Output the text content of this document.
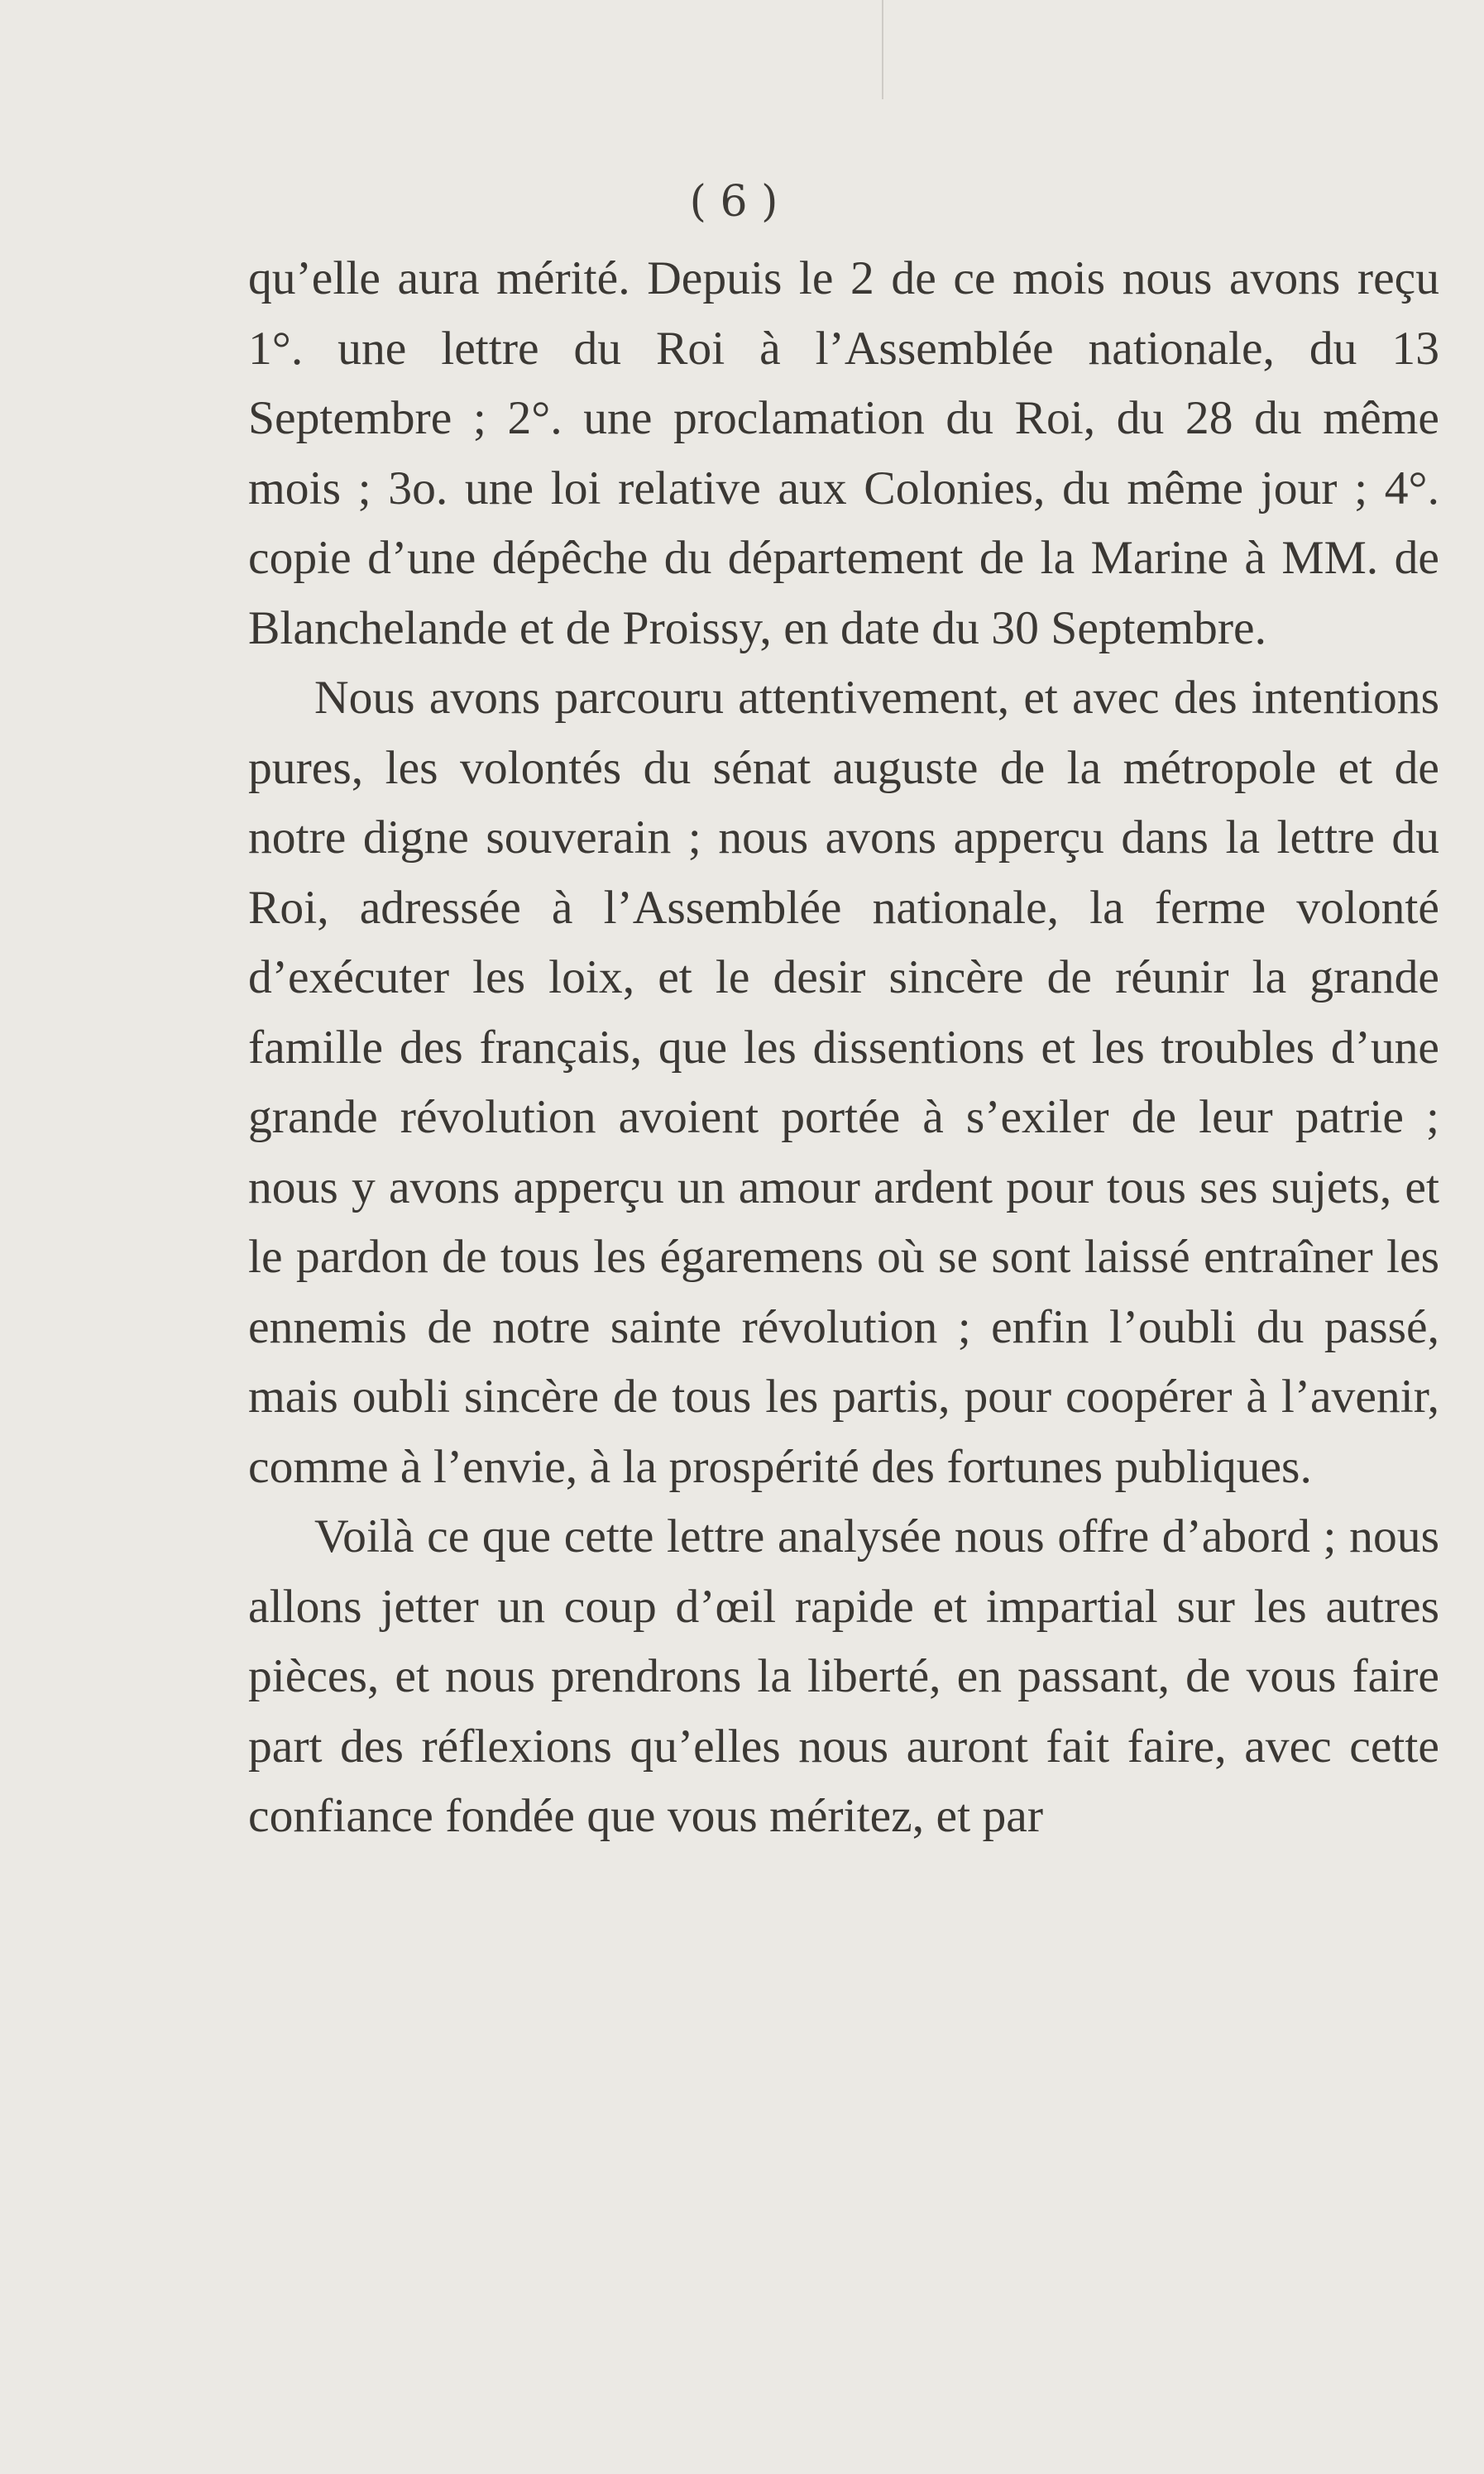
( 6 )

qu’elle aura mérité. Depuis le 2 de ce mois nous avons reçu 1°. une lettre du Roi à l’Assemblée nationale, du 13 Septembre ; 2°. une proclamation du Roi, du 28 du même mois ; 3o. une loi relative aux Colonies, du même jour ; 4°. copie d’une dépêche du département de la Marine à MM. de Blanchelande et de Proissy, en date du 30 Septembre.

Nous avons parcouru attentivement, et avec des intentions pures, les volontés du sénat auguste de la métropole et de notre digne souverain ; nous avons apperçu dans la lettre du Roi, adressée à l’Assemblée nationale, la ferme volonté d’exécuter les loix, et le desir sincère de réunir la grande famille des français, que les dissentions et les troubles d’une grande révolution avoient portée à s’exiler de leur patrie ; nous y avons apperçu un amour ardent pour tous ses sujets, et le pardon de tous les égaremens où se sont laissé entraîner les ennemis de notre sainte révolution ; enfin l’oubli du passé, mais oubli sincère de tous les partis, pour coopérer à l’avenir, comme à l’envie, à la prospérité des fortunes publiques.

Voilà ce que cette lettre analysée nous offre d’abord ; nous allons jetter un coup d’œil rapide et impartial sur les autres pièces, et nous prendrons la liberté, en passant, de vous faire part des réflexions qu’elles nous auront fait faire, avec cette confiance fondée que vous méritez, et par
